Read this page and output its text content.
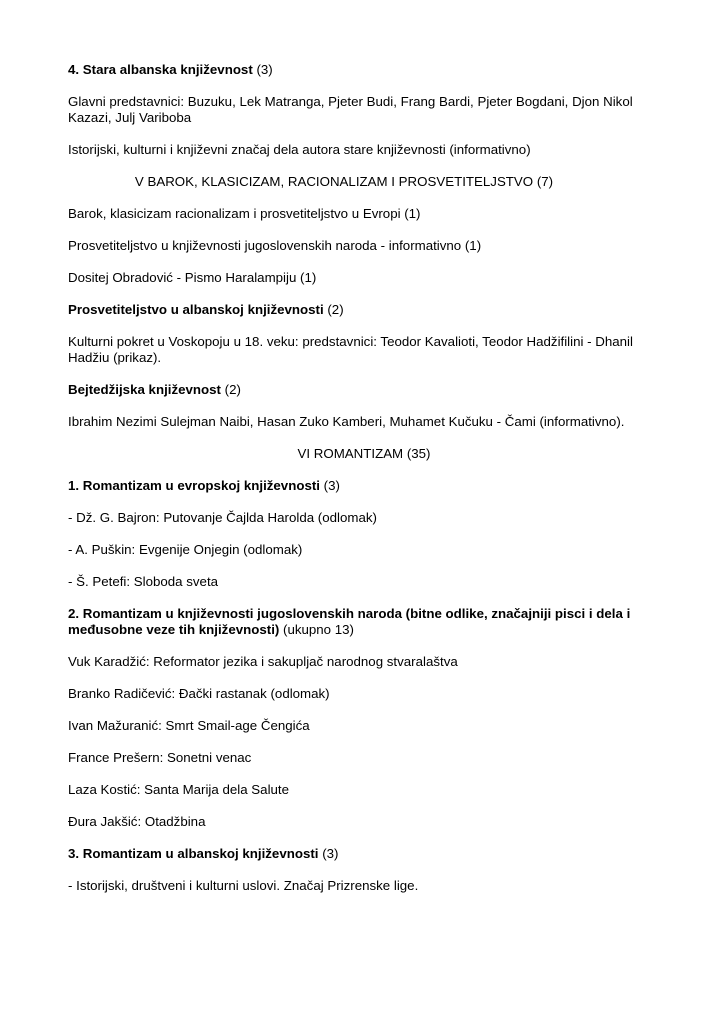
4. Stara albanska književnost (3)

Glavni predstavnici: Buzuku, Lek Matranga, Pjeter Budi, Frang Bardi, Pjeter Bogdani, Djon Nikol Kazazi, Julj Variboba

Istorijski, kulturni i književni značaj dela autora stare književnosti (informativno)

V BAROK, KLASICIZAM, RACIONALIZAM I PROSVETITELJSTVO (7)

Barok, klasicizam racionalizam i prosvetiteljstvo u Evropi (1)

Prosvetiteljstvo u književnosti jugoslovenskih naroda - informativno (1)

Dositej Obradović - Pismo Haralampiju (1)

Prosvetiteljstvo u albanskoj književnosti (2)

Kulturni pokret u Voskopoju u 18. veku: predstavnici: Teodor Kavalioti, Teodor Hadžifilini - Dhanil Hadžiu (prikaz).

Bejtedžijska književnost (2)

Ibrahim Nezimi Sulejman Naibi, Hasan Zuko Kamberi, Muhamet Kučuku - Čami (informativno).

VI ROMANTIZAM (35)

1. Romantizam u evropskoj književnosti (3)

- Dž. G. Bajron: Putovanje Čajlda Harolda (odlomak)

- A. Puškin: Evgenije Onjegin (odlomak)

- Š. Petefi: Sloboda sveta

2. Romantizam u književnosti jugoslovenskih naroda (bitne odlike, značajniji pisci i dela i međusobne veze tih književnosti) (ukupno 13)

Vuk Karadžić: Reformator jezika i sakupljač narodnog stvaralaštva

Branko Radičević: Đački rastanak (odlomak)

Ivan Mažuranić: Smrt Smail-age Čengića

France Prešern: Sonetni venac

Laza Kostić: Santa Marija dela Salute

Đura Jakšić: Otadžbina

3. Romantizam u albanskoj književnosti (3)

- Istorijski, društveni i kulturni uslovi. Značaj Prizrenske lige.
